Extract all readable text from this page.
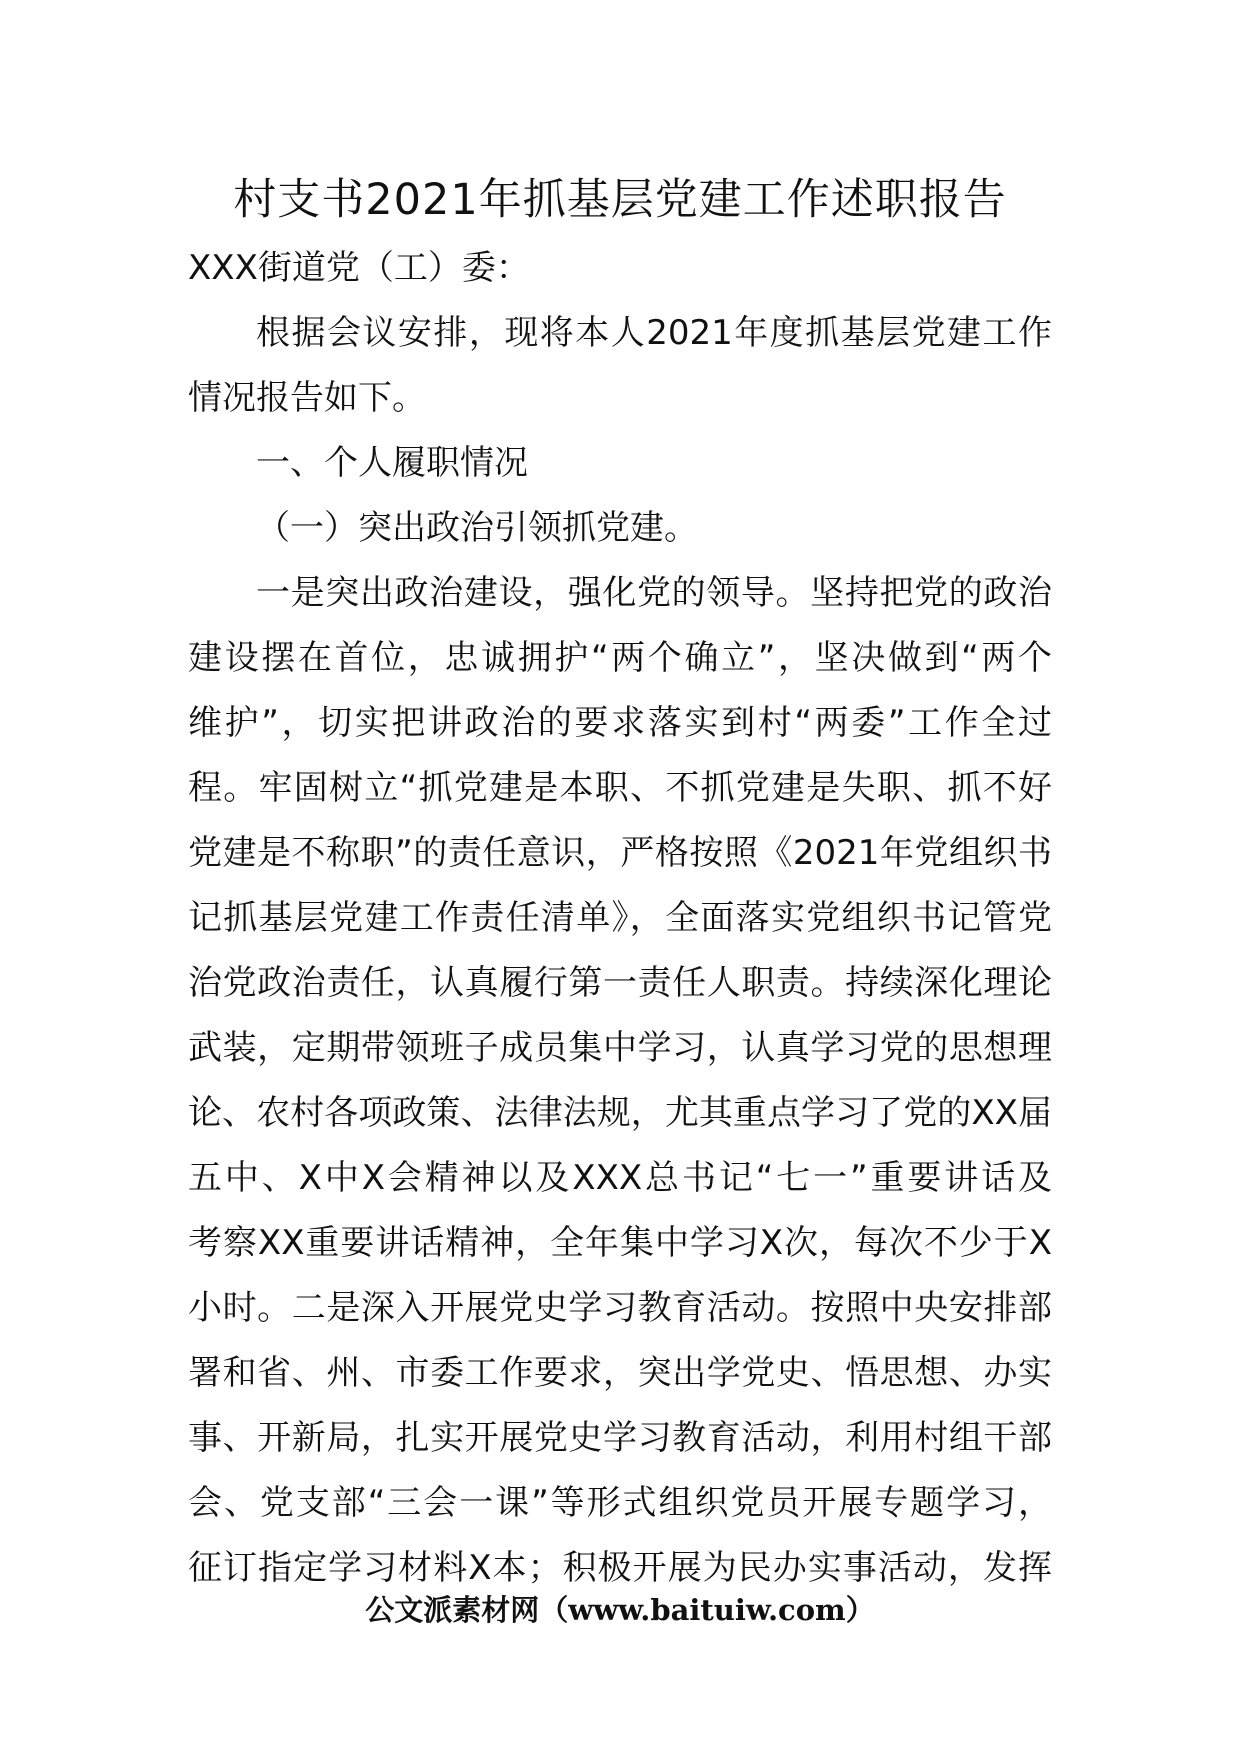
村支书2021年抓基层党建工作述职报告

XXX街道党（工）委：

根据会议安排，现将本人2021年度抓基层党建工作情况报告如下。

一、个人履职情况

（一）突出政治引领抓党建。

一是突出政治建设，强化党的领导。坚持把党的政治
建设摆在首位，忠诚拥护“两个确立”，坚决做到“两个
维护”，切实把讲政治的要求落实到村“两委”工作全过
程。牢固树立“抓党建是本职、不抓党建是失职、抓不好
党建是不称职”的责任意识，严格按照《2021年党组织书
记抓基层党建工作责任清单》，全面落实党组织书记管党
治党政治责任，认真履行第一责任人职责。持续深化理论
武装，定期带领班子成员集中学习，认真学习党的思想理
论、农村各项政策、法律法规，尤其重点学习了党的XX届
五中、X中X会精神以及XXX总书记“七一”重要讲话及
考察XX重要讲话精神，全年集中学习X次，每次不少于X
小时。二是深入开展党史学习教育活动。按照中央安排部
署和省、州、市委工作要求，突出学党史、悟思想、办实
事、开新局，扎实开展党史学习教育活动，利用村组干部
会、党支部“三会一课”等形式组织党员开展专题学习，
征订指定学习材料X本；积极开展为民办实事活动，发挥
公文派素材网（www.baituiw.com）
